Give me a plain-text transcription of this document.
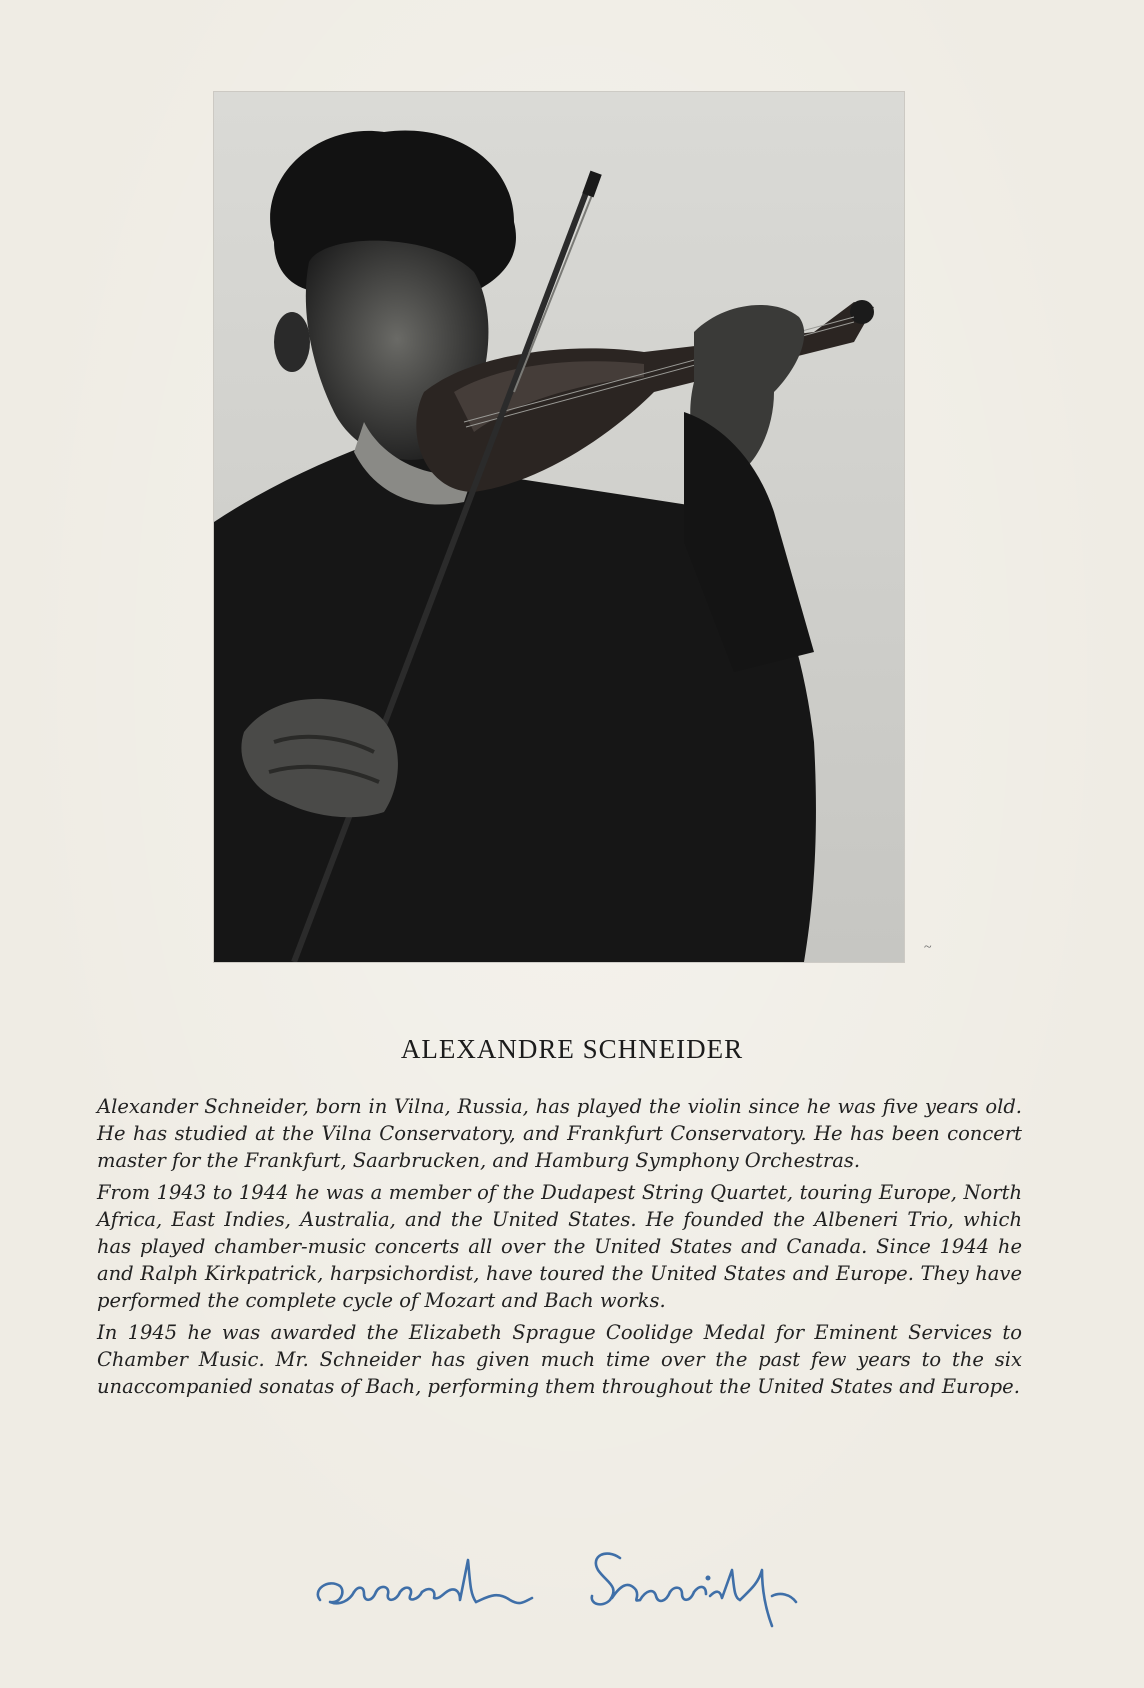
~
ALEXANDRE SCHNEIDER

Alexander Schneider, born in Vilna, Russia, has played the violin since he was five years old. He has studied at the Vilna Conservatory, and Frankfurt Conservatory. He has been concert master for the Frankfurt, Saarbrucken, and Hamburg Symphony Orchestras.

From 1943 to 1944 he was a member of the Dudapest String Quartet, touring Europe, North Africa, East Indies, Australia, and the United States. He founded the Albeneri Trio, which has played chamber-music concerts all over the United States and Canada. Since 1944 he and Ralph Kirkpatrick, harpsichordist, have toured the United States and Europe. They have performed the complete cycle of Mozart and Bach works.

In 1945 he was awarded the Elizabeth Sprague Coolidge Medal for Eminent Services to Chamber Music. Mr. Schneider has given much time over the past few years to the six unaccompanied sonatas of Bach, performing them throughout the United States and Europe.
